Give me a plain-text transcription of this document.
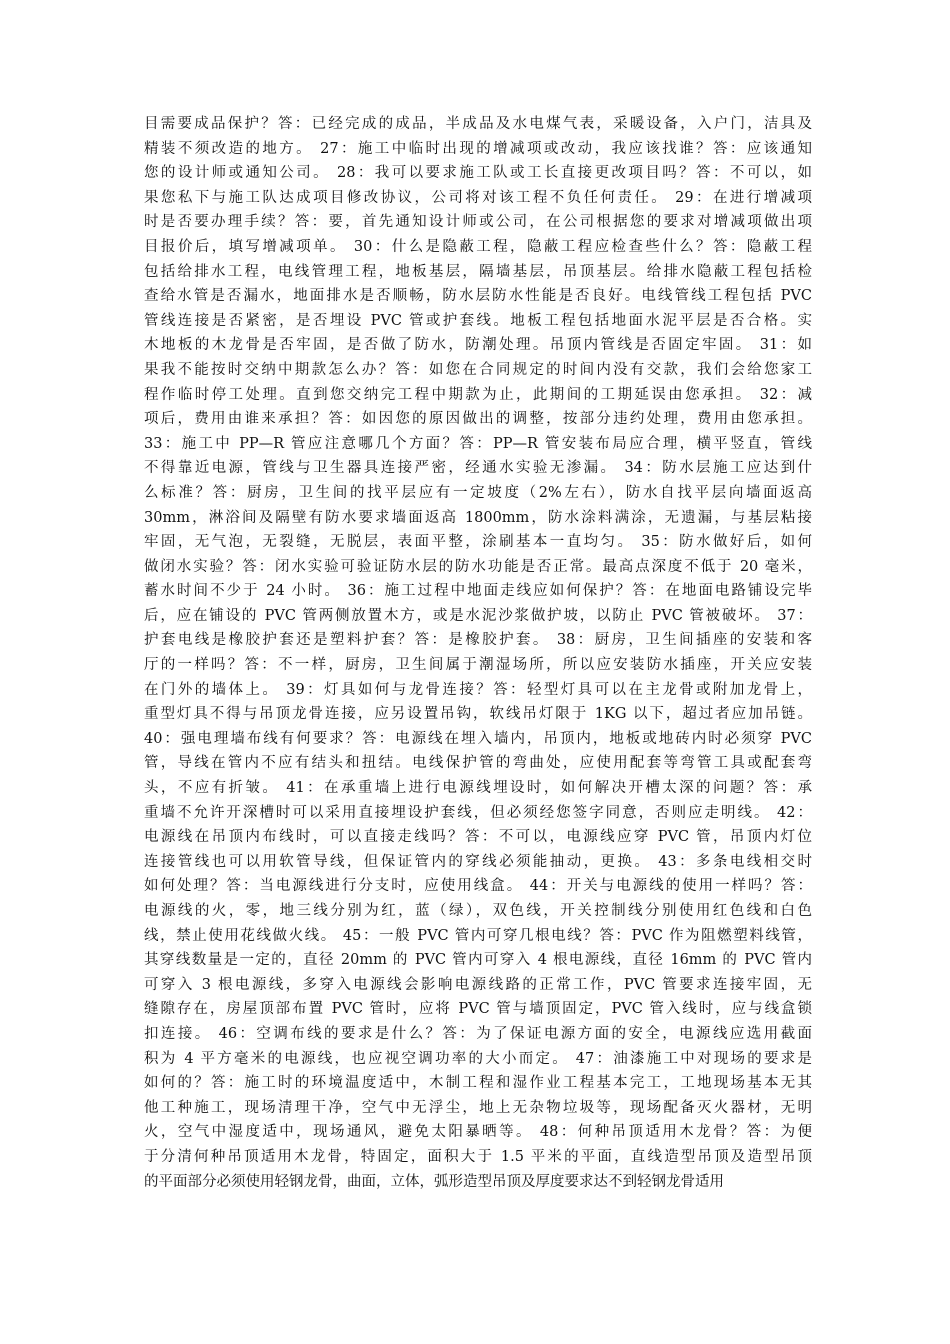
目需要成品保护？答：已经完成的成品，半成品及水电煤气表，采暖设备，入户门，洁具及
精装不须改造的地方。 27：施工中临时出现的增减项或改动，我应该找谁？答：应该通知
您的设计师或通知公司。 28：我可以要求施工队或工长直接更改项目吗？答：不可以，如
果您私下与施工队达成项目修改协议，公司将对该工程不负任何责任。 29：在进行增减项
时是否要办理手续？答：要，首先通知设计师或公司，在公司根据您的要求对增减项做出项
目报价后，填写增减项单。 30：什么是隐蔽工程，隐蔽工程应检查些什么？答：隐蔽工程
包括给排水工程，电线管理工程，地板基层，隔墙基层，吊顶基层。给排水隐蔽工程包括检
查给水管是否漏水，地面排水是否顺畅，防水层防水性能是否良好。电线管线工程包括 PVC
管线连接是否紧密，是否埋设 PVC 管或护套线。地板工程包括地面水泥平层是否合格。实
木地板的木龙骨是否牢固，是否做了防水，防潮处理。吊顶内管线是否固定牢固。 31：如
果我不能按时交纳中期款怎么办？答：如您在合同规定的时间内没有交款，我们会给您家工
程作临时停工处理。直到您交纳完工程中期款为止，此期间的工期延误由您承担。 32：减
项后，费用由谁来承担？答：如因您的原因做出的调整，按部分违约处理，费用由您承担。
33：施工中 PP—R 管应注意哪几个方面？答：PP—R 管安装布局应合理，横平竖直，管线
不得靠近电源，管线与卫生器具连接严密，经通水实验无渗漏。 34：防水层施工应达到什
么标准？答：厨房，卫生间的找平层应有一定坡度（2%左右），防水自找平层向墙面返高
30mm，淋浴间及隔壁有防水要求墙面返高 1800mm，防水涂料满涂，无遗漏，与基层粘接
牢固，无气泡，无裂缝，无脱层，表面平整，涂刷基本一直均匀。 35：防水做好后，如何
做闭水实验？答：闭水实验可验证防水层的防水功能是否正常。最高点深度不低于 20 毫米，
蓄水时间不少于 24 小时。 36：施工过程中地面走线应如何保护？答：在地面电路铺设完毕
后，应在铺设的 PVC 管两侧放置木方，或是水泥沙浆做护坡，以防止 PVC 管被破坏。 37：
护套电线是橡胶护套还是塑料护套？答：是橡胶护套。 38：厨房，卫生间插座的安装和客
厅的一样吗？答：不一样，厨房，卫生间属于潮湿场所，所以应安装防水插座，开关应安装
在门外的墙体上。 39：灯具如何与龙骨连接？答：轻型灯具可以在主龙骨或附加龙骨上，
重型灯具不得与吊顶龙骨连接，应另设置吊钩，软线吊灯限于 1KG 以下，超过者应加吊链。
40：强电理墙布线有何要求？答：电源线在埋入墙内，吊顶内，地板或地砖内时必须穿 PVC
管，导线在管内不应有结头和扭结。电线保护管的弯曲处，应使用配套等弯管工具或配套弯
头，不应有折皱。 41：在承重墙上进行电源线埋设时，如何解决开槽太深的问题？答：承
重墙不允许开深槽时可以采用直接埋设护套线，但必须经您签字同意，否则应走明线。 42：
电源线在吊顶内布线时，可以直接走线吗？答：不可以，电源线应穿 PVC 管，吊顶内灯位
连接管线也可以用软管导线，但保证管内的穿线必须能抽动，更换。 43：多条电线相交时
如何处理？答：当电源线进行分支时，应使用线盒。 44：开关与电源线的使用一样吗？答：
电源线的火，零，地三线分别为红，蓝（绿），双色线，开关控制线分别使用红色线和白色
线，禁止使用花线做火线。 45：一般 PVC 管内可穿几根电线？答：PVC 作为阻燃塑料线管，
其穿线数量是一定的，直径 20mm 的 PVC 管内可穿入 4 根电源线，直径 16mm 的 PVC 管内
可穿入 3 根电源线，多穿入电源线会影响电源线路的正常工作，PVC 管要求连接牢固，无
缝隙存在，房屋顶部布置 PVC 管时，应将 PVC 管与墙顶固定，PVC 管入线时，应与线盒锁
扣连接。 46：空调布线的要求是什么？答：为了保证电源方面的安全，电源线应选用截面
积为 4 平方毫米的电源线，也应视空调功率的大小而定。 47：油漆施工中对现场的要求是
如何的？答：施工时的环境温度适中，木制工程和湿作业工程基本完工，工地现场基本无其
他工种施工，现场清理干净，空气中无浮尘，地上无杂物垃圾等，现场配备灭火器材，无明
火，空气中湿度适中，现场通风，避免太阳暴晒等。 48：何种吊顶适用木龙骨？答：为便
于分清何种吊顶适用木龙骨，特固定，面积大于 1.5 平米的平面，直线造型吊顶及造型吊顶
的平面部分必须使用轻钢龙骨，曲面，立体，弧形造型吊顶及厚度要求达不到轻钢龙骨适用
